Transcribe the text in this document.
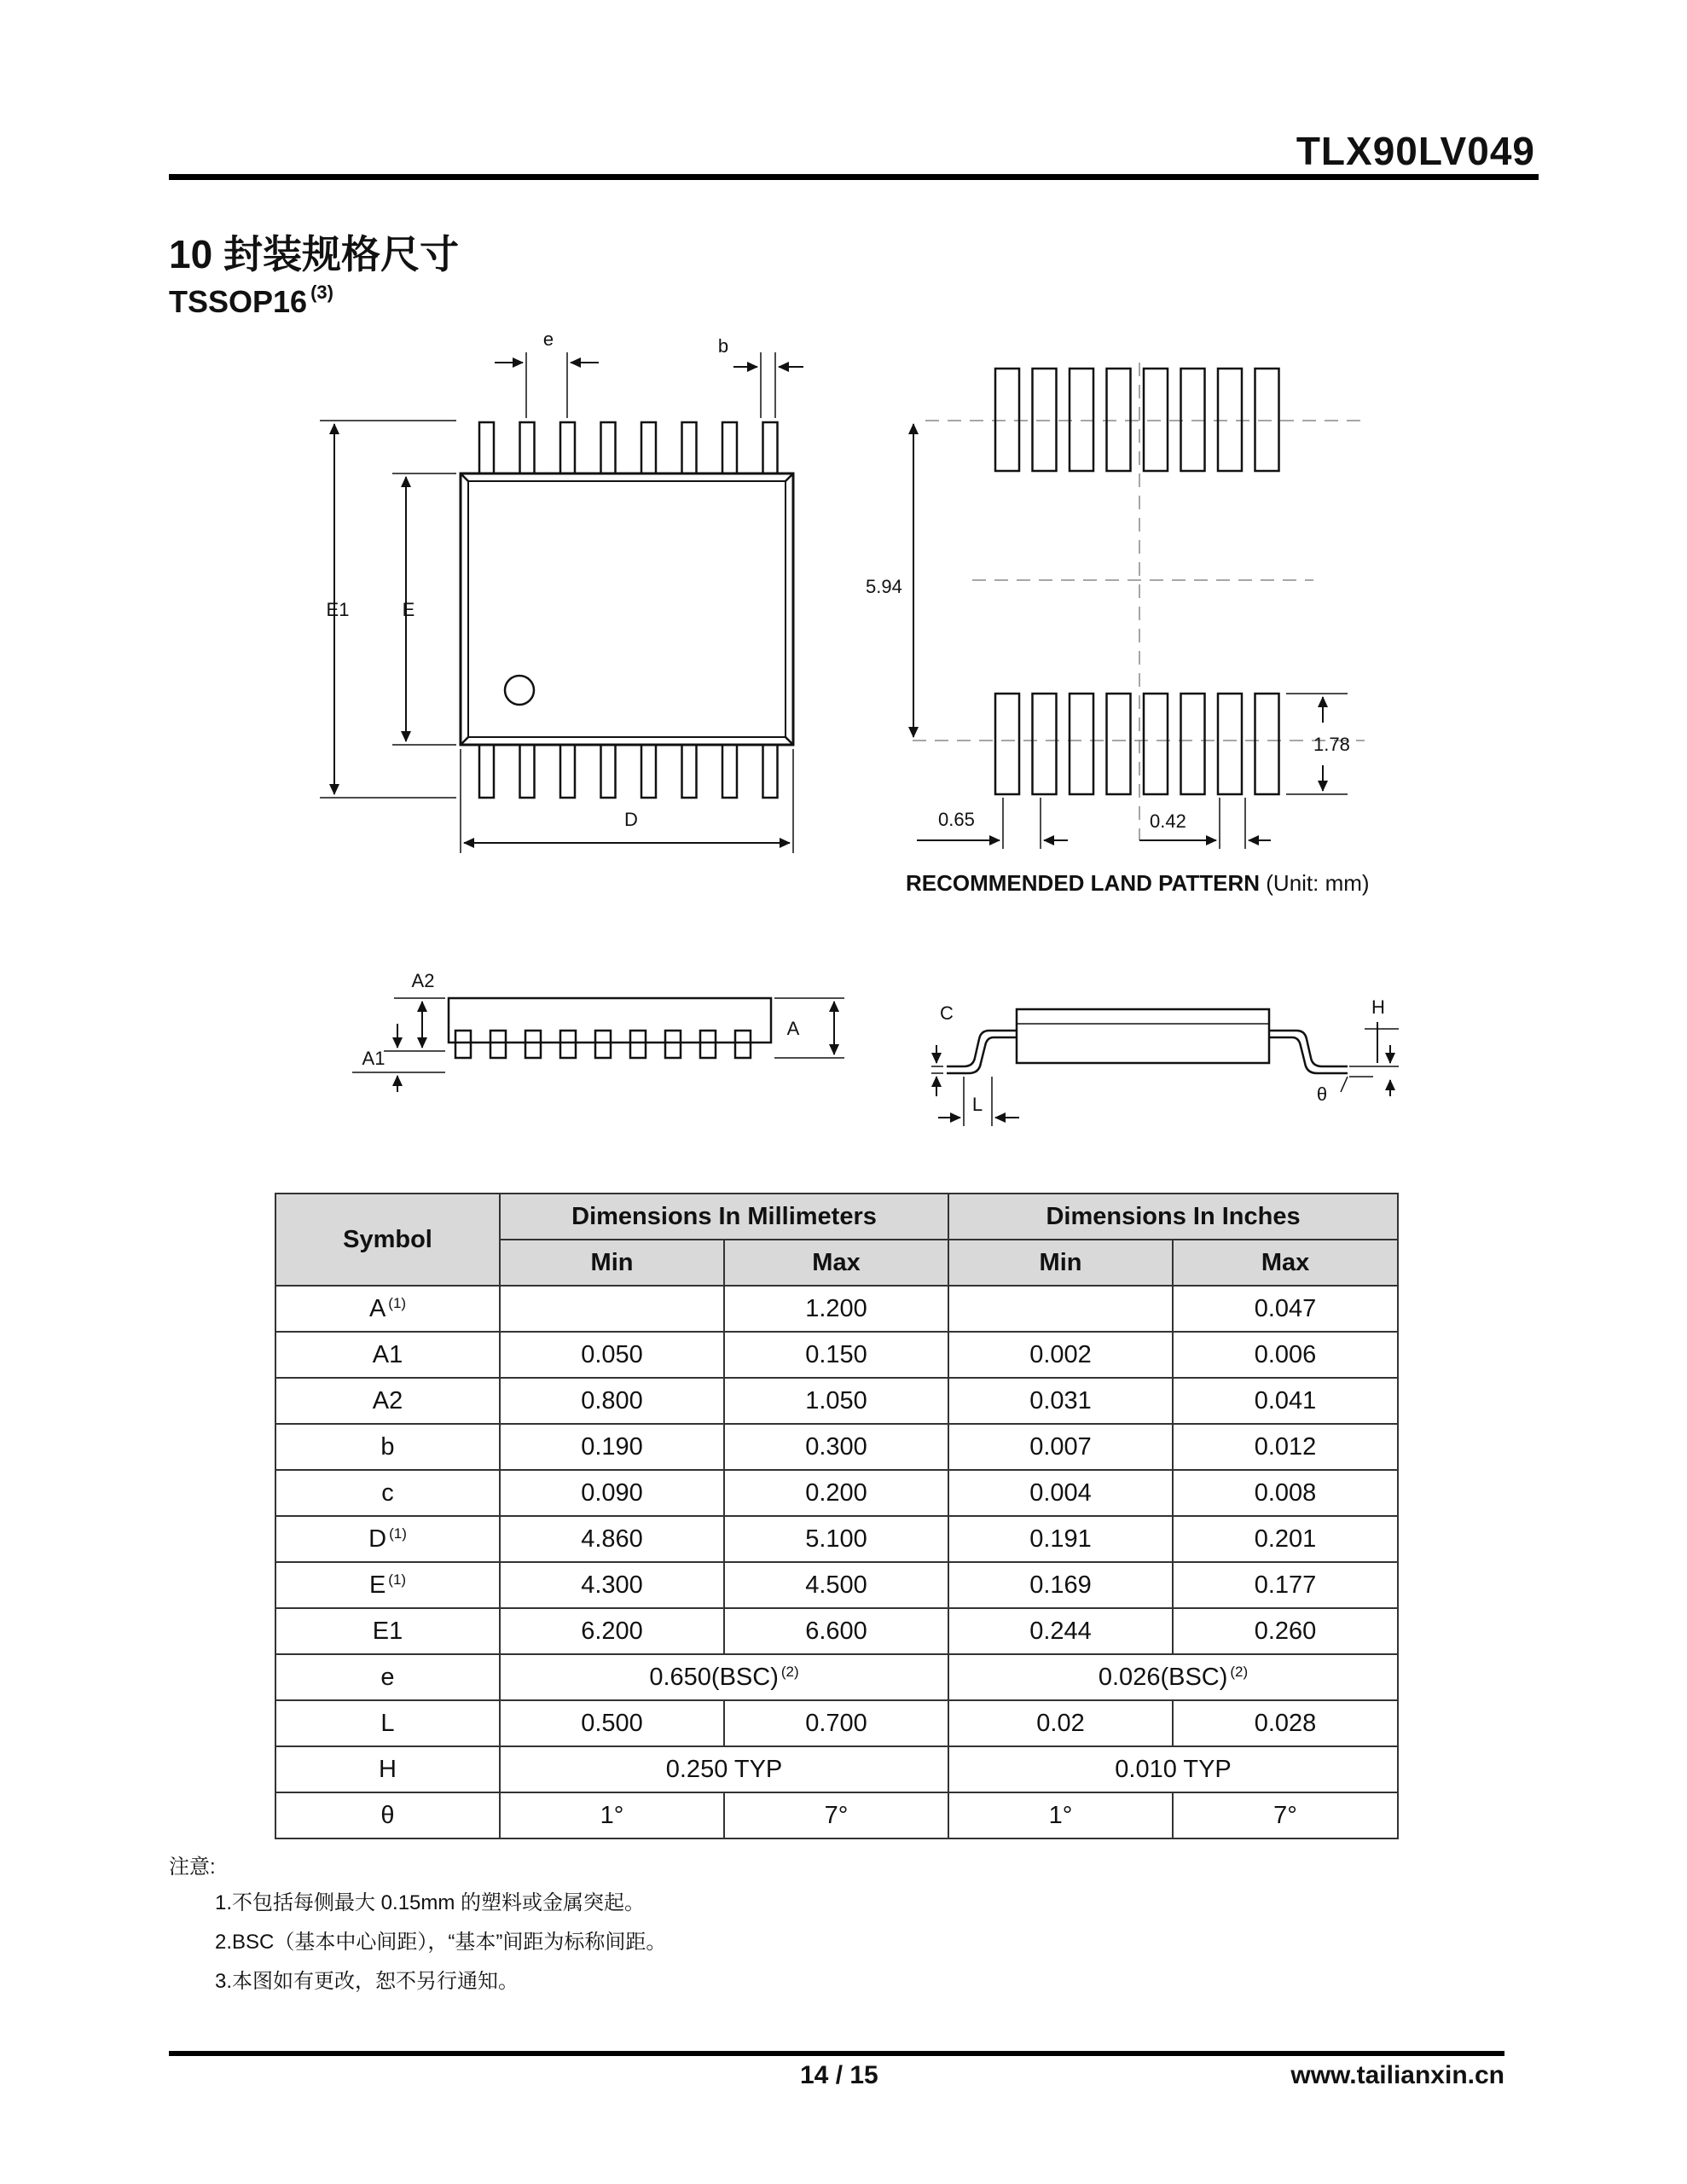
TLX90LV049
10 封装规格尺寸
TSSOP16 $^{(3)}$
e	b
E1	E
D
5.94
1.78
0.65	0.42
A2
A1
A
C	H
L	θ
RECOMMENDED LAND PATTERN (Unit: mm)
Symbol	Dimensions In Millimeters		Dimensions In Inches	
	Min	Max	Min	Max
A $^{(1)}$		1.200		0.047
A1	0.050	0.150	0.002	0.006
A2	0.800	1.050	0.031	0.041
b	0.190	0.300	0.007	0.012
c	0.090	0.200	0.004	0.008
D $^{(1)}$	4.860	5.100	0.191	0.201
E $^{(1)}$	4.300	4.500	0.169	0.177
E1	6.200	6.600	0.244	0.260
e	0.650(BSC) $^{(2)}$		0.026(BSC) $^{(2)}$
L	0.500	0.700	0.02	0.028
H	0.250 TYP		0.010 TYP	
θ	1°	7°	1°	7°
注意:
1.不包括每侧最大 0.15mm 的塑料或金属突起。
2.BSC（基本中心间距），“基本”间距为标称间距。
3.本图如有更改，恕不另行通知。
14 / 15	www.tailianxin.cn
